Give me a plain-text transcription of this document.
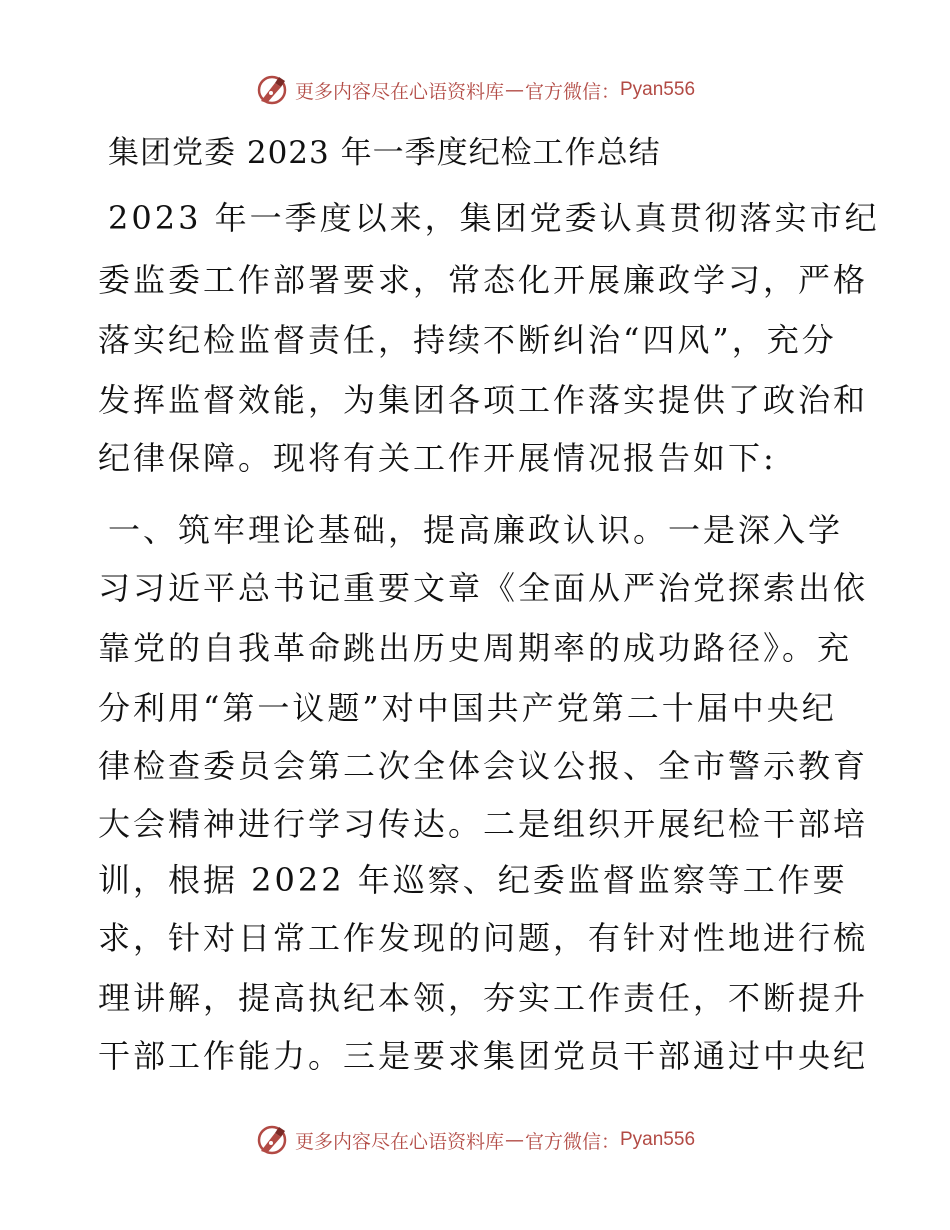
更多内容尽在心语资料库 — 官方微信： Pyan556
集团党委 2023 年一季度纪检工作总结
2023 年一季度以来，集团党委认真贯彻落实市纪
委监委工作部署要求，常态化开展廉政学习，严格
落实纪检监督责任，持续不断纠治“四风”，充分
发挥监督效能，为集团各项工作落实提供了政治和
纪律保障。现将有关工作开展情况报告如下:
一、筑牢理论基础，提高廉政认识。一是深入学
习习近平总书记重要文章《全面从严治党探索出依
靠党的自我革命跳出历史周期率的成功路径》。充
分利用“第一议题”对中国共产党第二十届中央纪
律检查委员会第二次全体会议公报、全市警示教育
大会精神进行学习传达。二是组织开展纪检干部培
训，根据 2022 年巡察、纪委监督监察等工作要
求，针对日常工作发现的问题，有针对性地进行梳
理讲解，提高执纪本领，夯实工作责任，不断提升
干部工作能力。三是要求集团党员干部通过中央纪
更多内容尽在心语资料库 — 官方微信： Pyan556
